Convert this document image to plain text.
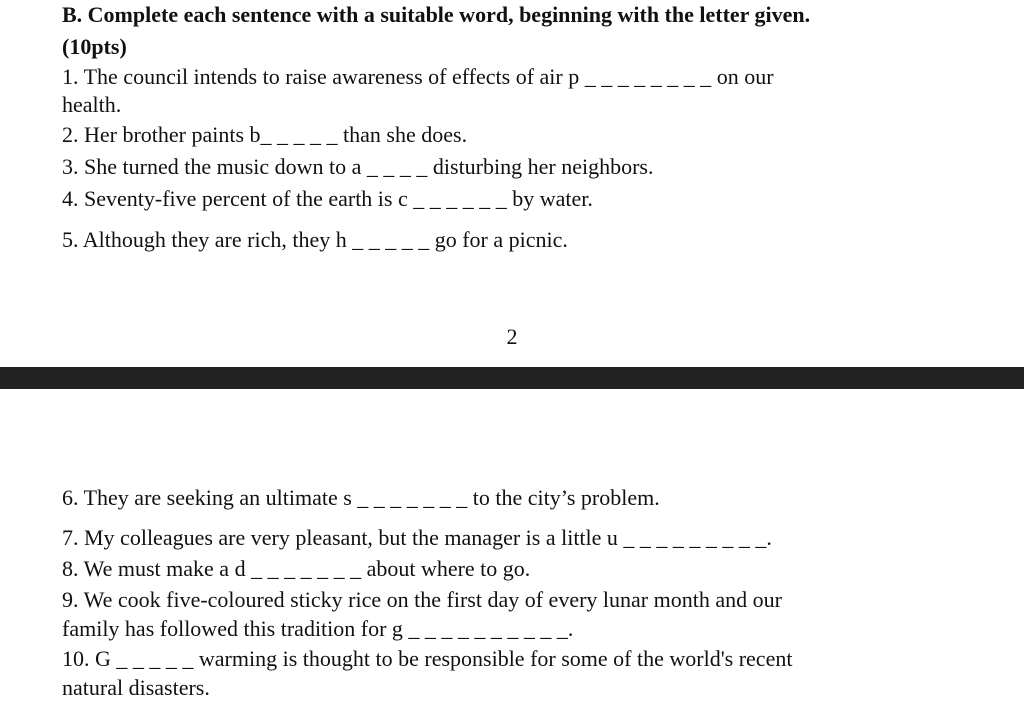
B. Complete each sentence with a suitable word, beginning with the letter given.
(10pts)
1. The council intends to raise awareness of effects of air p _ _ _ _ _ _ _ _ on our
health.
2. Her brother paints b_ _ _ _ _ than she does.
3. She turned the music down to a _ _ _ _ disturbing her neighbors.
4. Seventy-five percent of the earth is c _ _ _ _ _ _ by water.
5. Although they are rich, they h _ _ _ _ _ go for a picnic.
2
6. They are seeking an ultimate s _ _ _ _ _ _ _ to the city’s problem.
7. My colleagues are very pleasant, but the manager is a little u _ _ _ _ _ _ _ _ _.
8. We must make a d _ _ _ _ _ _ _ about where to go.
9. We cook five-coloured sticky rice on the first day of every lunar month and our
family has followed this tradition for g _ _ _ _ _ _ _ _ _ _.
10. G _ _ _ _ _ warming is thought to be responsible for some of the world's recent
natural disasters.
